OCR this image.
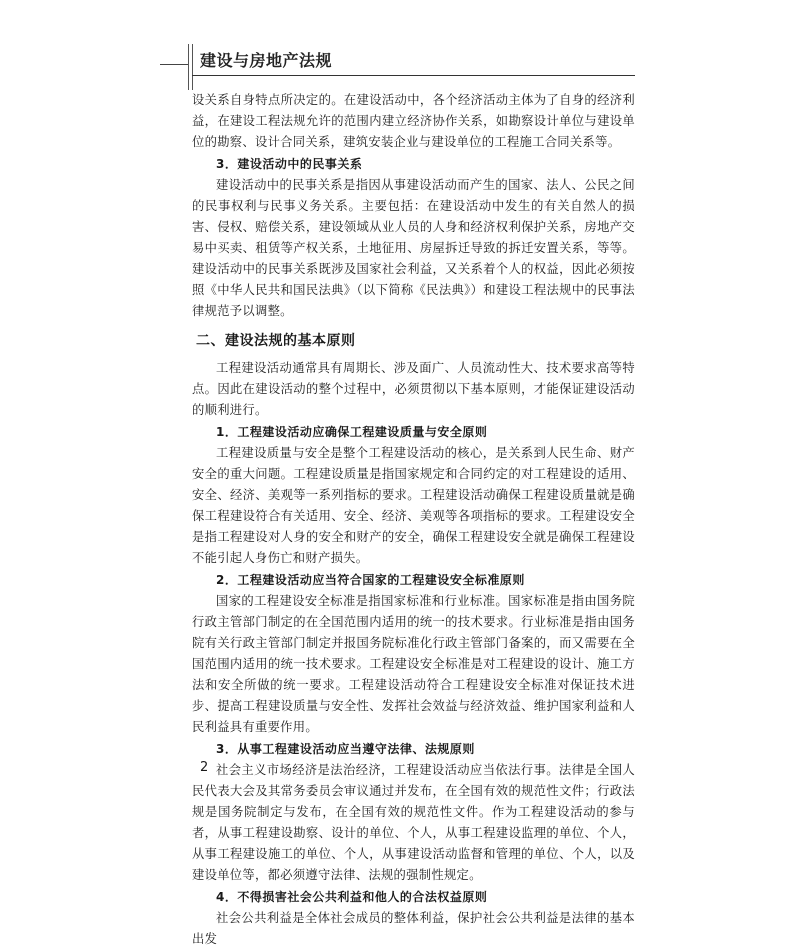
建设与房地产法规
设关系自身特点所决定的。在建设活动中，各个经济活动主体为了自身的经济利益，在建设工程法规允许的范围内建立经济协作关系，如勘察设计单位与建设单位的勘察、设计合同关系，建筑安装企业与建设单位的工程施工合同关系等。
3．建设活动中的民事关系
建设活动中的民事关系是指因从事建设活动而产生的国家、法人、公民之间的民事权利与民事义务关系。主要包括：在建设活动中发生的有关自然人的损害、侵权、赔偿关系，建设领域从业人员的人身和经济权利保护关系，房地产交易中买卖、租赁等产权关系，土地征用、房屋拆迁导致的拆迁安置关系，等等。建设活动中的民事关系既涉及国家社会利益，又关系着个人的权益，因此必须按照《中华人民共和国民法典》（以下简称《民法典》）和建设工程法规中的民事法律规范予以调整。
二、建设法规的基本原则
工程建设活动通常具有周期长、涉及面广、人员流动性大、技术要求高等特点。因此在建设活动的整个过程中，必须贯彻以下基本原则，才能保证建设活动的顺利进行。
1．工程建设活动应确保工程建设质量与安全原则
工程建设质量与安全是整个工程建设活动的核心，是关系到人民生命、财产安全的重大问题。工程建设质量是指国家规定和合同约定的对工程建设的适用、安全、经济、美观等一系列指标的要求。工程建设活动确保工程建设质量就是确保工程建设符合有关适用、安全、经济、美观等各项指标的要求。工程建设安全是指工程建设对人身的安全和财产的安全，确保工程建设安全就是确保工程建设不能引起人身伤亡和财产损失。
2．工程建设活动应当符合国家的工程建设安全标准原则
国家的工程建设安全标准是指国家标准和行业标准。国家标准是指由国务院行政主管部门制定的在全国范围内适用的统一的技术要求。行业标准是指由国务院有关行政主管部门制定并报国务院标准化行政主管部门备案的，而又需要在全国范围内适用的统一技术要求。工程建设安全标准是对工程建设的设计、施工方法和安全所做的统一要求。工程建设活动符合工程建设安全标准对保证技术进步、提高工程建设质量与安全性、发挥社会效益与经济效益、维护国家利益和人民利益具有重要作用。
3．从事工程建设活动应当遵守法律、法规原则
社会主义市场经济是法治经济，工程建设活动应当依法行事。法律是全国人民代表大会及其常务委员会审议通过并发布，在全国有效的规范性文件；行政法规是国务院制定与发布，在全国有效的规范性文件。作为工程建设活动的参与者，从事工程建设勘察、设计的单位、个人，从事工程建设监理的单位、个人，从事工程建设施工的单位、个人，从事建设活动监督和管理的单位、个人，以及建设单位等，都必须遵守法律、法规的强制性规定。
4．不得损害社会公共利益和他人的合法权益原则
社会公共利益是全体社会成员的整体利益，保护社会公共利益是法律的基本出发
2
